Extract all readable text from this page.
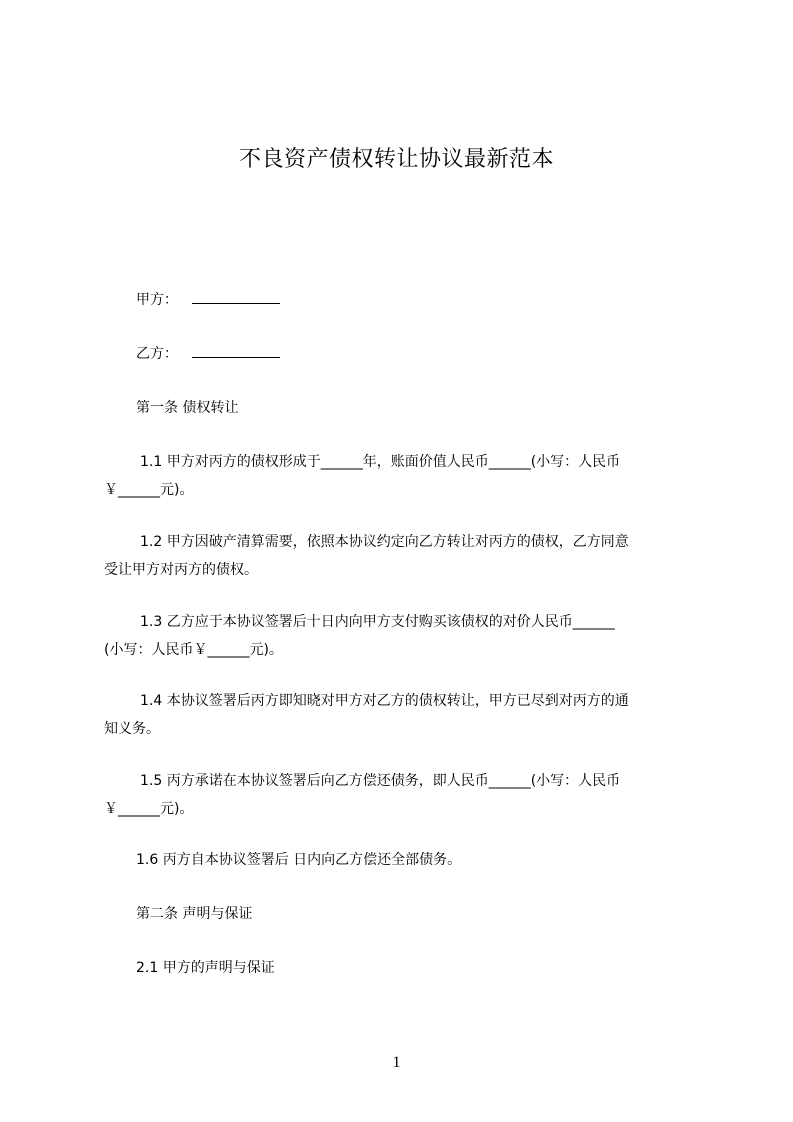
不良资产债权转让协议最新范本
甲方：
乙方：
第一条 债权转让
1.1 甲方对丙方的债权形成于______年，账面价值人民币______(小写：人民币
￥______元)。
1.2 甲方因破产清算需要，依照本协议约定向乙方转让对丙方的债权，乙方同意
受让甲方对丙方的债权。
1.3 乙方应于本协议签署后十日内向甲方支付购买该债权的对价人民币______
(小写：人民币￥______元)。
1.4 本协议签署后丙方即知晓对甲方对乙方的债权转让，甲方已尽到对丙方的通
知义务。
1.5 丙方承诺在本协议签署后向乙方偿还债务，即人民币______(小写：人民币
￥______元)。
1.6 丙方自本协议签署后 日内向乙方偿还全部债务。
第二条 声明与保证
2.1 甲方的声明与保证
1
